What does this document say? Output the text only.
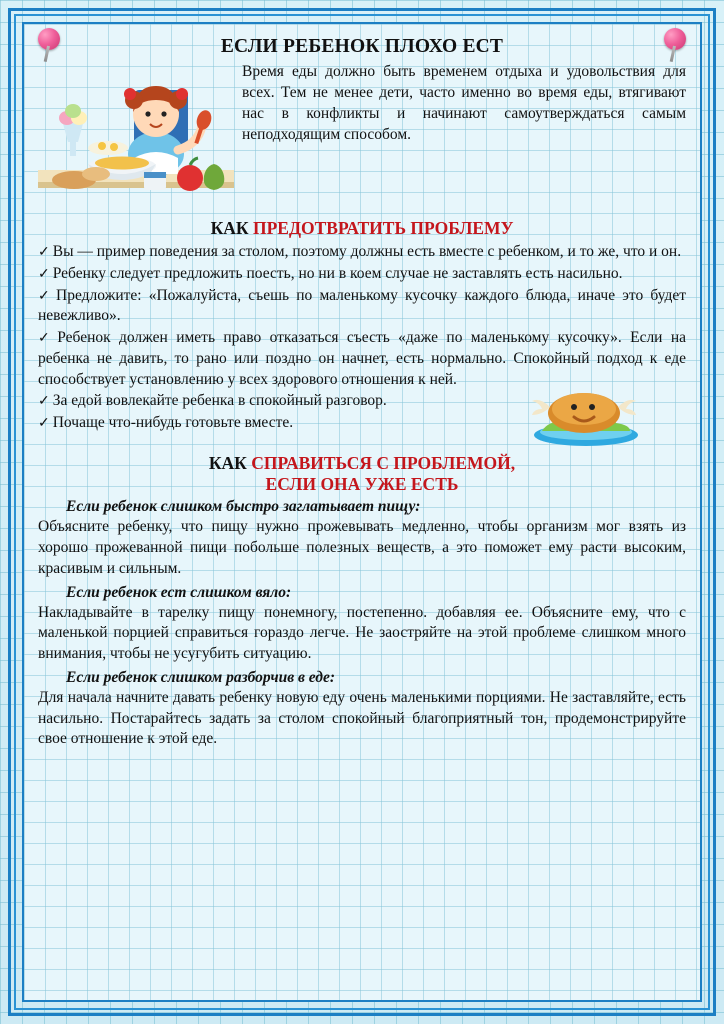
ЕСЛИ РЕБЕНОК ПЛОХО ЕСТ
Время еды должно быть временем отдыха и удовольствия для всех. Тем не менее дети, часто именно во время еды, втягивают нас в конфликты и начинают самоутверждаться самым неподходящим способом.
КАК ПРЕДОТВРАТИТЬ ПРОБЛЕМУ

✓ Вы — пример поведения за столом, поэтому должны есть вместе с ребенком, и то же, что и он.

✓ Ребенку следует предложить поесть, но ни в коем случае не заставлять есть насильно.

✓ Предложите: «Пожалуйста, съешь по маленькому кусочку каждого блюда, иначе это будет невежливо».

✓ Ребенок должен иметь право отказаться съесть «даже по маленькому кусочку». Если на ребенка не давить, то рано или поздно он начнет, есть нормально. Спокойный подход к еде способствует установлению у всех здорового отношения к ней.

✓ За едой вовлекайте ребенка в спокойный разговор.

✓ Почаще что-нибудь готовьте вместе.

КАК СПРАВИТЬСЯ С ПРОБЛЕМОЙ,
ЕСЛИ ОНА УЖЕ ЕСТЬ
Если ребенок слишком быстро заглатывает пищу:

Объясните ребенку, что пищу нужно прожевывать медленно, чтобы организм мог взять из хорошо прожеванной пищи побольше полезных веществ, а это поможет ему расти высоким, красивым и сильным.

Если ребенок ест слишком вяло:

Накладывайте в тарелку пищу понемногу, постепенно. добавляя ее. Объясните ему, что с маленькой порцией справиться гораздо легче. Не заостряйте на этой проблеме слишком много внимания, чтобы не усугубить ситуацию.

Если ребенок слишком разборчив в еде:

Для начала начните давать ребенку новую еду очень маленькими порциями. Не заставляйте, есть насильно. Постарайтесь задать за столом спокойный благоприятный тон, продемонстрируйте свое отношение к этой еде.
